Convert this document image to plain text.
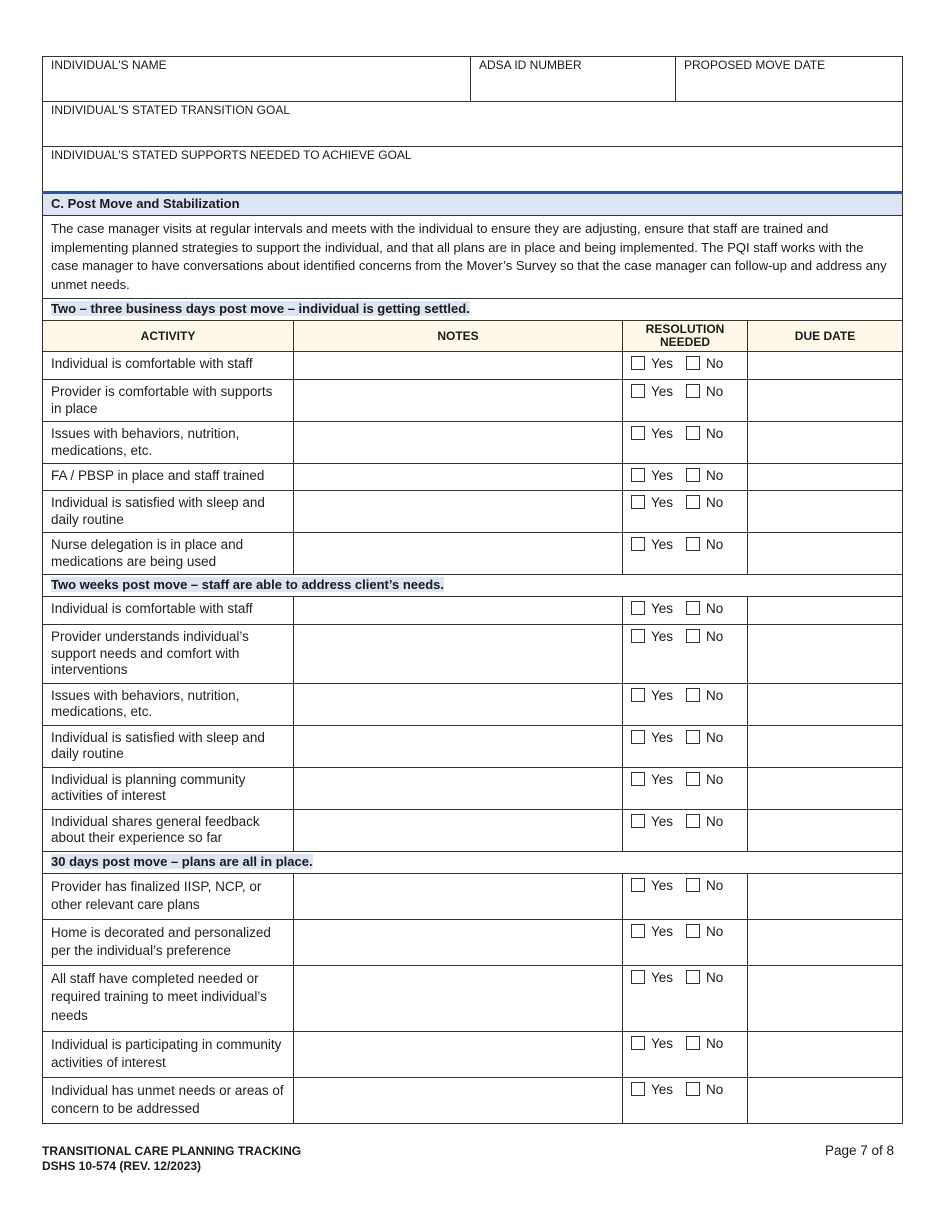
INDIVIDUAL'S NAME	ADSA ID NUMBER	PROPOSED MOVE DATE

INDIVIDUAL'S STATED TRANSITION GOAL

INDIVIDUAL'S STATED SUPPORTS NEEDED TO ACHIEVE GOAL
C. Post Move and Stabilization			
The case manager visits at regular intervals and meets with the individual to ensure they are adjusting, ensure that staff are trained and implementing planned strategies to support the individual, and that all plans are in place and being implemented. The PQI staff works with the case manager to have conversations about identified concerns from the Mover’s Survey so that the case manager can follow-up and address any unmet needs.			
Two – three business days post move – individual is getting settled.			
ACTIVITY	NOTES	RESOLUTION NEEDED	DUE DATE
Individual is comfortable with staff		Yes No	
Provider is comfortable with supports in place		Yes No	
Issues with behaviors, nutrition, medications, etc.		Yes No	
FA / PBSP in place and staff trained		Yes No	
Individual is satisfied with sleep and daily routine		Yes No	
Nurse delegation is in place and medications are being used		Yes No	
Two weeks post move – staff are able to address client’s needs.			
Individual is comfortable with staff		Yes No	
Provider understands individual’s support needs and comfort with interventions		Yes No	
Issues with behaviors, nutrition, medications, etc.		Yes No	
Individual is satisfied with sleep and daily routine		Yes No	
Individual is planning community activities of interest		Yes No	
Individual shares general feedback about their experience so far		Yes No	
30 days post move – plans are all in place.			
Provider has finalized IISP, NCP, or other relevant care plans		Yes No	
Home is decorated and personalized per the individual’s preference		Yes No	
All staff have completed needed or required training to meet individual’s needs		Yes No	
Individual is participating in community activities of interest		Yes No	
Individual has unmet needs or areas of concern to be addressed		Yes No	
TRANSITIONAL CARE PLANNING TRACKING
DSHS 10-574 (REV. 12/2023)
Page 7 of 8
